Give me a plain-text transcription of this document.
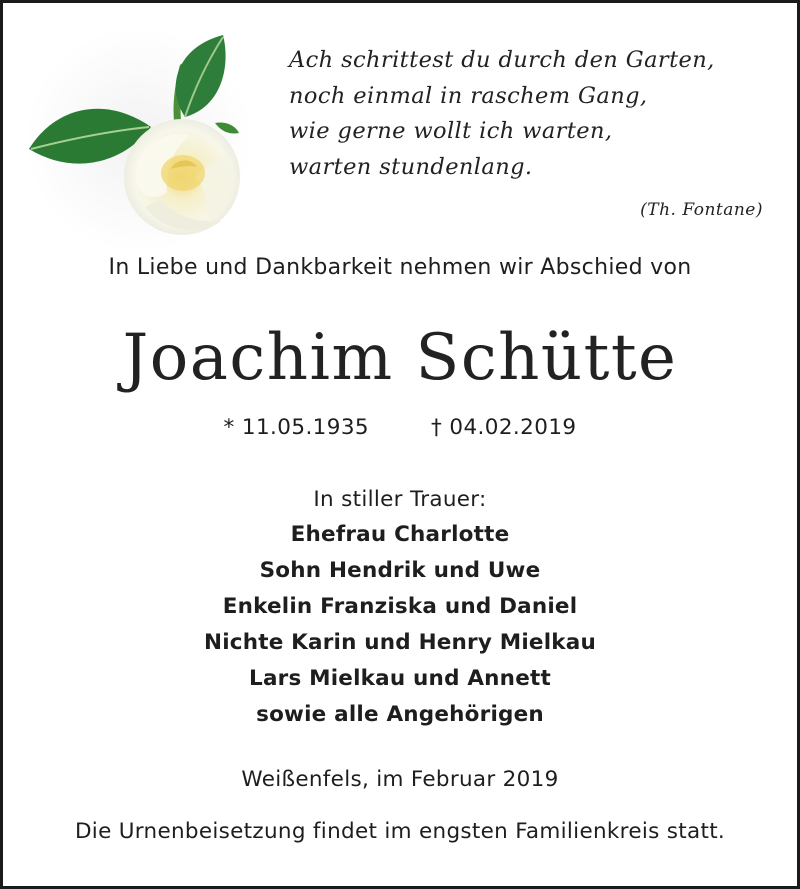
Ach schrittest du durch den Garten,
noch einmal in raschem Gang,
wie gerne wollt ich warten,
warten stundenlang.
(Th. Fontane)
In Liebe und Dankbarkeit nehmen wir Abschied von
Joachim Schütte
* 11.05.1935	† 04.02.2019
In stiller Trauer:
Ehefrau Charlotte
Sohn Hendrik und Uwe
Enkelin Franziska und Daniel
Nichte Karin und Henry Mielkau
Lars Mielkau und Annett
sowie alle Angehörigen
Weißenfels, im Februar 2019
Die Urnenbeisetzung findet im engsten Familienkreis statt.
